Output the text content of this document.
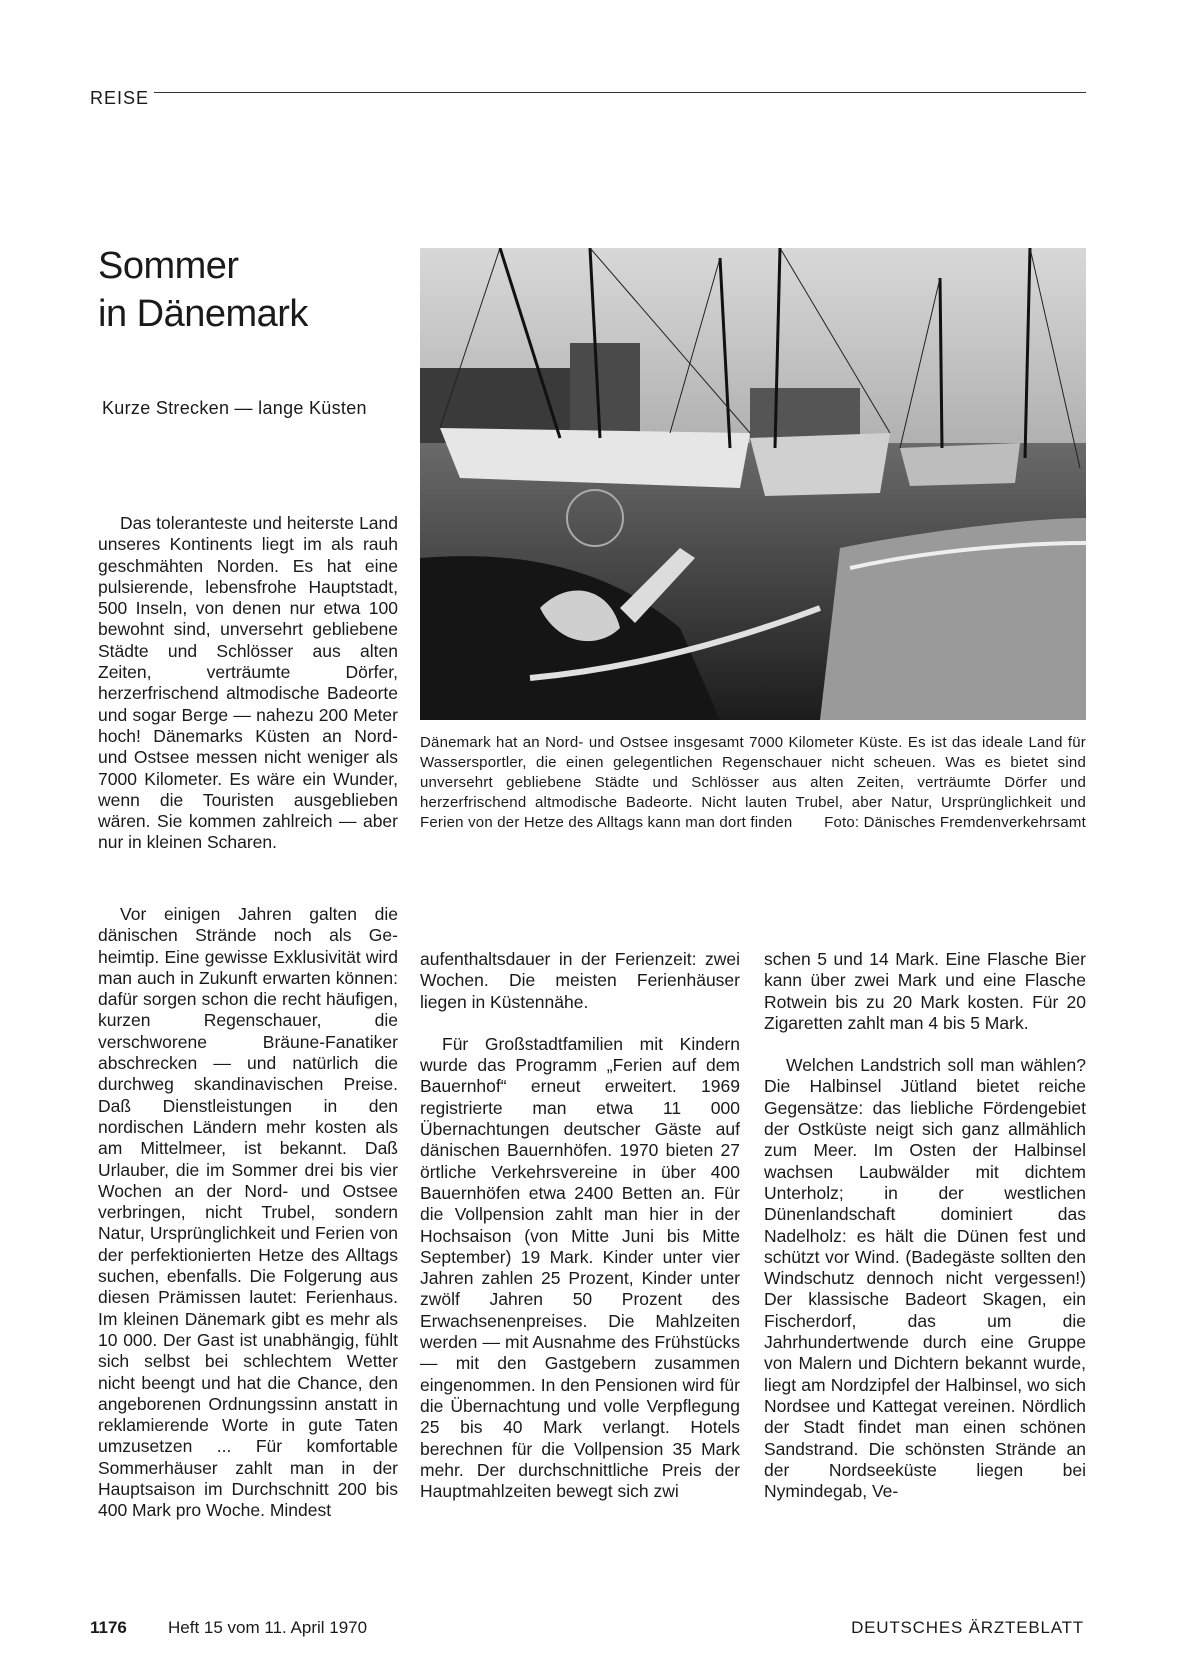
REISE
Sommer
in Dänemark
Kurze Strecken — lange Küsten

Das toleranteste und heiterste Land unseres Kontinents liegt im als rauh geschmähten Norden. Es hat eine pulsierende, lebensfrohe Hauptstadt, 500 Inseln, von denen nur etwa 100 bewohnt sind, unversehrt gebliebene Städte und Schlösser aus alten Zeiten, verträumte Dörfer, herzerfrischend altmodische Badeorte und sogar Berge — nahezu 200 Meter hoch! Dänemarks Küsten an Nord- und Ostsee messen nicht weniger als 7000 Kilometer. Es wäre ein Wunder, wenn die Touristen ausgeblieben wären. Sie kommen zahlreich — aber nur in kleinen Scharen.

Vor einigen Jahren galten die dänischen Strände noch als Geheimtip. Eine gewisse Exklusivität wird man auch in Zukunft erwarten können: dafür sorgen schon die recht häufigen, kurzen Regenschauer, die verschworene Bräune-Fanatiker abschrecken — und natürlich die durchweg skandinavischen Preise. Daß Dienstleistungen in den nordischen Ländern mehr kosten als am Mittelmeer, ist bekannt. Daß Urlauber, die im Sommer drei bis vier Wochen an der Nord- und Ostsee verbringen, nicht Trubel, sondern Natur, Ursprünglichkeit und Ferien von der perfektionierten Hetze des Alltags suchen, ebenfalls. Die Folgerung aus diesen Prämissen lautet: Ferienhaus. Im kleinen Dänemark gibt es mehr als 10 000. Der Gast ist unabhängig, fühlt sich selbst bei schlechtem Wetter nicht beengt und hat die Chance, den angeborenen Ordnungssinn anstatt in reklamierende Worte in gute Taten umzusetzen ... Für komfortable Sommerhäuser zahlt man in der Hauptsaison im Durchschnitt 200 bis 400 Mark pro Woche. Mindest

Dänemark hat an Nord- und Ostsee insgesamt 7000 Kilometer Küste. Es ist das ideale Land für Wassersportler, die einen gelegentlichen Regenschauer nicht scheuen. Was es bietet sind unversehrt gebliebene Städte und Schlösser aus alten Zeiten, verträumte Dörfer und herzerfrischend altmodische Badeorte. Nicht lauten Trubel, aber Natur, Ursprünglichkeit und Ferien von der Hetze des Alltags kann man dort finden Foto: Dänisches Fremdenverkehrsamt

aufenthaltsdauer in der Ferienzeit: zwei Wochen. Die meisten Ferienhäuser liegen in Küstennähe.

Für Großstadtfamilien mit Kindern wurde das Programm „Ferien auf dem Bauernhof“ erneut erweitert. 1969 registrierte man etwa 11 000 Übernachtungen deutscher Gäste auf dänischen Bauernhöfen. 1970 bieten 27 örtliche Verkehrsvereine in über 400 Bauernhöfen etwa 2400 Betten an. Für die Vollpension zahlt man hier in der Hochsaison (von Mitte Juni bis Mitte September) 19 Mark. Kinder unter vier Jahren zahlen 25 Prozent, Kinder unter zwölf Jahren 50 Prozent des Erwachsenenpreises. Die Mahlzeiten werden — mit Ausnahme des Frühstücks — mit den Gastgebern zusammen eingenommen. In den Pensionen wird für die Übernachtung und volle Verpflegung 25 bis 40 Mark verlangt. Hotels berechnen für die Vollpension 35 Mark mehr. Der durchschnittliche Preis der Hauptmahlzeiten bewegt sich zwi

schen 5 und 14 Mark. Eine Flasche Bier kann über zwei Mark und eine Flasche Rotwein bis zu 20 Mark kosten. Für 20 Zigaretten zahlt man 4 bis 5 Mark.

Welchen Landstrich soll man wählen? Die Halbinsel Jütland bietet reiche Gegensätze: das liebliche Fördengebiet der Ostküste neigt sich ganz allmählich zum Meer. Im Osten der Halbinsel wachsen Laubwälder mit dichtem Unterholz; in der westlichen Dünenlandschaft dominiert das Nadelholz: es hält die Dünen fest und schützt vor Wind. (Badegäste sollten den Windschutz dennoch nicht vergessen!) Der klassische Badeort Skagen, ein Fischerdorf, das um die Jahrhundertwende durch eine Gruppe von Malern und Dichtern bekannt wurde, liegt am Nordzipfel der Halbinsel, wo sich Nordsee und Kattegat vereinen. Nördlich der Stadt findet man einen schönen Sandstrand. Die schönsten Strände an der Nordseeküste liegen bei Nymindegab, Ve-

1176 Heft 15 vom 11. April 1970	DEUTSCHES ÄRZTEBLATT
